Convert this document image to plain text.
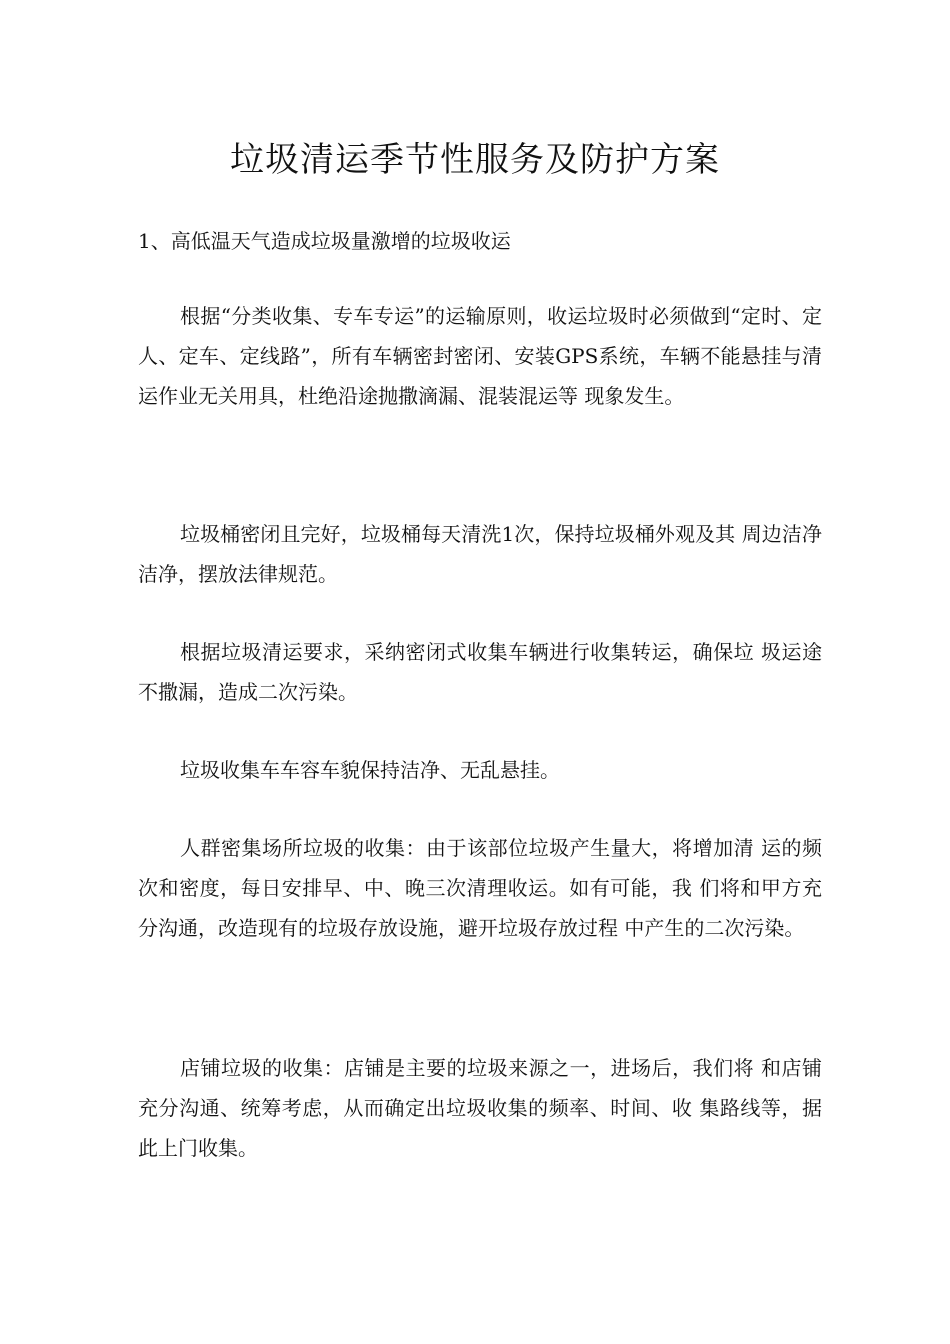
垃圾清运季节性服务及防护方案
1、高低温天气造成垃圾量激增的垃圾收运

根据“分类收集、专车专运”的运输原则，收运垃圾时必须做到“定时、定人、定车、定线路”，所有车辆密封密闭、安装GPS系统，车辆不能悬挂与清运作业无关用具，杜绝沿途抛撒滴漏、混装混运等 现象发生。

垃圾桶密闭且完好，垃圾桶每天清洗1次，保持垃圾桶外观及其 周边洁净洁净，摆放法律规范。

根据垃圾清运要求，采纳密闭式收集车辆进行收集转运，确保垃 圾运途不撒漏，造成二次污染。

垃圾收集车车容车貌保持洁净、无乱悬挂。

人群密集场所垃圾的收集：由于该部位垃圾产生量大，将增加清 运的频次和密度，每日安排早、中、晚三次清理收运。如有可能，我 们将和甲方充分沟通，改造现有的垃圾存放设施，避开垃圾存放过程 中产生的二次污染。

店铺垃圾的收集：店铺是主要的垃圾来源之一，进场后，我们将 和店铺充分沟通、统筹考虑，从而确定出垃圾收集的频率、时间、收 集路线等，据此上门收集。
